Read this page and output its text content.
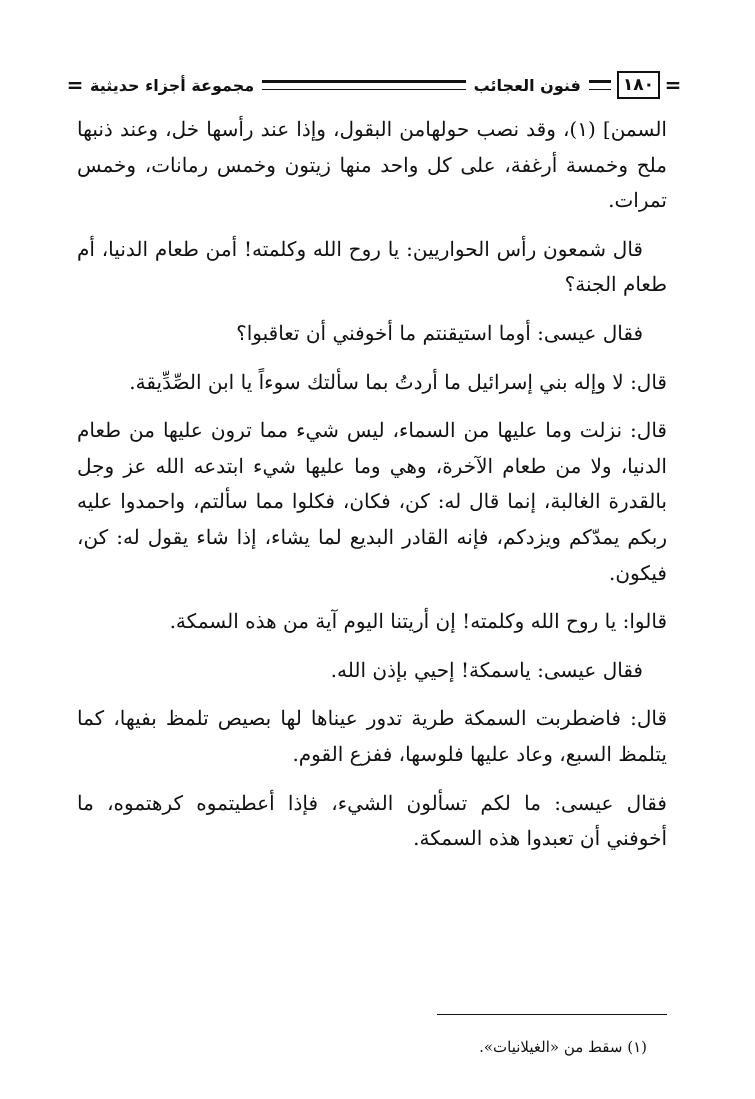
=
١٨٠
فنون العجائب
مجموعة أجزاء حديثية
=

السمن] (١)، وقد نصب حولهامن البقول، وإذا عند رأسها خل، وعند ذنبها ملح وخمسة أرغفة، على كل واحد منها زيتون وخمس رمانات، وخمس تمرات.

قال شمعون رأس الحواريين: يا روح الله وكلمته! أمن طعام الدنيا، أم طعام الجنة؟

فقال عيسى: أوما استيقنتم ما أخوفني أن تعاقبوا؟

قال: لا وإله بني إسرائيل ما أردتُ بما سألتك سوءاً يا ابن الصِّدِّيقة.

قال: نزلت وما عليها من السماء، ليس شيء مما ترون عليها من طعام الدنيا، ولا من طعام الآخرة، وهي وما عليها شيء ابتدعه الله عز وجل بالقدرة الغالبة، إنما قال له: كن، فكان، فكلوا مما سألتم، واحمدوا عليه ربكم يمدّكم ويزدكم، فإنه القادر البديع لما يشاء، إذا شاء يقول له: كن، فيكون.

قالوا: يا روح الله وكلمته! إن أريتنا اليوم آية من هذه السمكة.

فقال عيسى: ياسمكة! إحيي بإذن الله.

قال: فاضطربت السمكة طرية تدور عيناها لها بصيص تلمظ بفيها، كما يتلمظ السبع، وعاد عليها فلوسها، ففزع القوم.

فقال عيسى: ما لكم تسألون الشيء، فإذا أعطيتموه كرهتموه، ما أخوفني أن تعبدوا هذه السمكة.

(١) سقط من «الغيلانيات».
